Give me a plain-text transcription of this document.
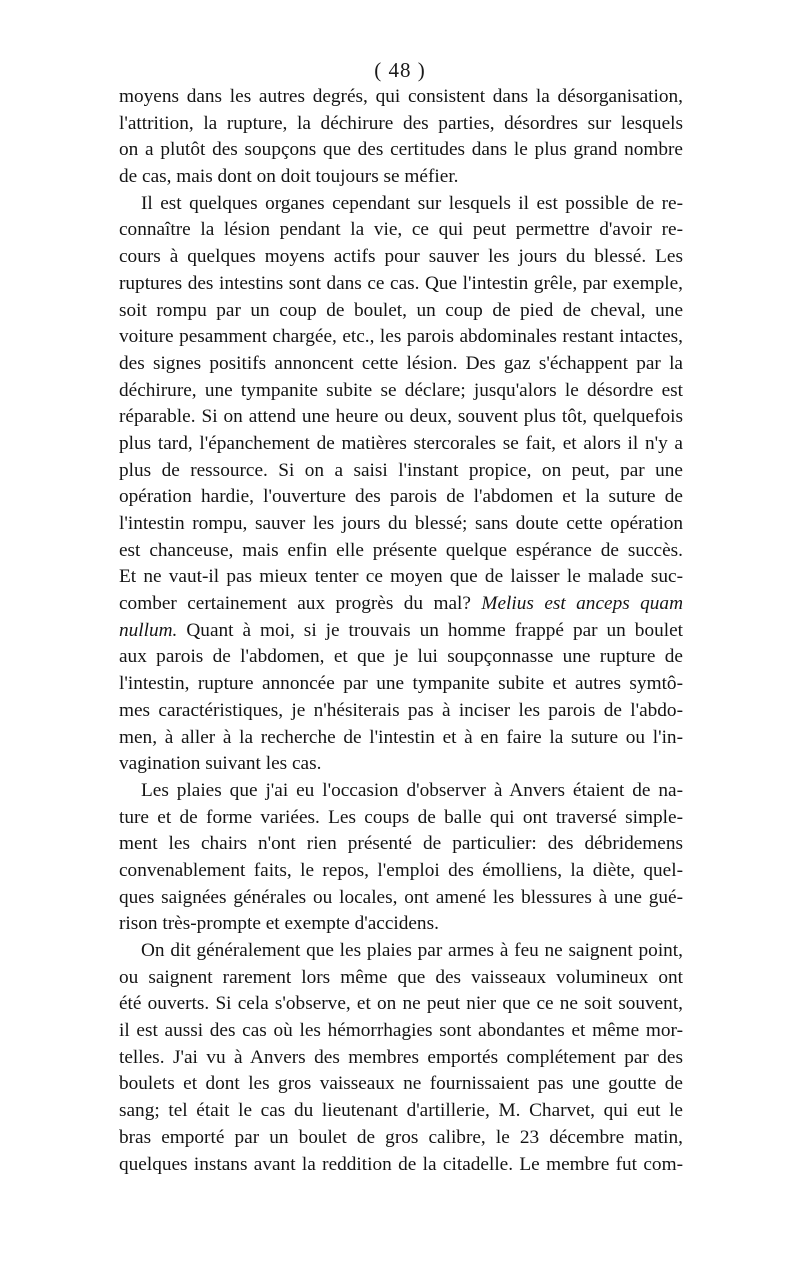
( 48 )
moyens dans les autres degrés, qui consistent dans la désorganisation,
l'attrition, la rupture, la déchirure des parties, désordres sur lesquels
on a plutôt des soupçons que des certitudes dans le plus grand nombre
de cas, mais dont on doit toujours se méfier.
Il est quelques organes cependant sur lesquels il est possible de re-
connaître la lésion pendant la vie, ce qui peut permettre d'avoir re-
cours à quelques moyens actifs pour sauver les jours du blessé. Les
ruptures des intestins sont dans ce cas. Que l'intestin grêle, par exemple,
soit rompu par un coup de boulet, un coup de pied de cheval, une
voiture pesamment chargée, etc., les parois abdominales restant intactes,
des signes positifs annoncent cette lésion. Des gaz s'échappent par la
déchirure, une tympanite subite se déclare; jusqu'alors le désordre est
réparable. Si on attend une heure ou deux, souvent plus tôt, quelquefois
plus tard, l'épanchement de matières stercorales se fait, et alors il n'y a
plus de ressource. Si on a saisi l'instant propice, on peut, par une
opération hardie, l'ouverture des parois de l'abdomen et la suture de
l'intestin rompu, sauver les jours du blessé; sans doute cette opération
est chanceuse, mais enfin elle présente quelque espérance de succès.
Et ne vaut-il pas mieux tenter ce moyen que de laisser le malade suc-
comber certainement aux progrès du mal? Melius est anceps quam
nullum. Quant à moi, si je trouvais un homme frappé par un boulet
aux parois de l'abdomen, et que je lui soupçonnasse une rupture de
l'intestin, rupture annoncée par une tympanite subite et autres symtô-
mes caractéristiques, je n'hésiterais pas à inciser les parois de l'abdo-
men, à aller à la recherche de l'intestin et à en faire la suture ou l'in-
vagination suivant les cas.
Les plaies que j'ai eu l'occasion d'observer à Anvers étaient de na-
ture et de forme variées. Les coups de balle qui ont traversé simple-
ment les chairs n'ont rien présenté de particulier: des débridemens
convenablement faits, le repos, l'emploi des émolliens, la diète, quel-
ques saignées générales ou locales, ont amené les blessures à une gué-
rison très-prompte et exempte d'accidens.
On dit généralement que les plaies par armes à feu ne saignent point,
ou saignent rarement lors même que des vaisseaux volumineux ont
été ouverts. Si cela s'observe, et on ne peut nier que ce ne soit souvent,
il est aussi des cas où les hémorrhagies sont abondantes et même mor-
telles. J'ai vu à Anvers des membres emportés complétement par des
boulets et dont les gros vaisseaux ne fournissaient pas une goutte de
sang; tel était le cas du lieutenant d'artillerie, M. Charvet, qui eut le
bras emporté par un boulet de gros calibre, le 23 décembre matin,
quelques instans avant la reddition de la citadelle. Le membre fut com-
